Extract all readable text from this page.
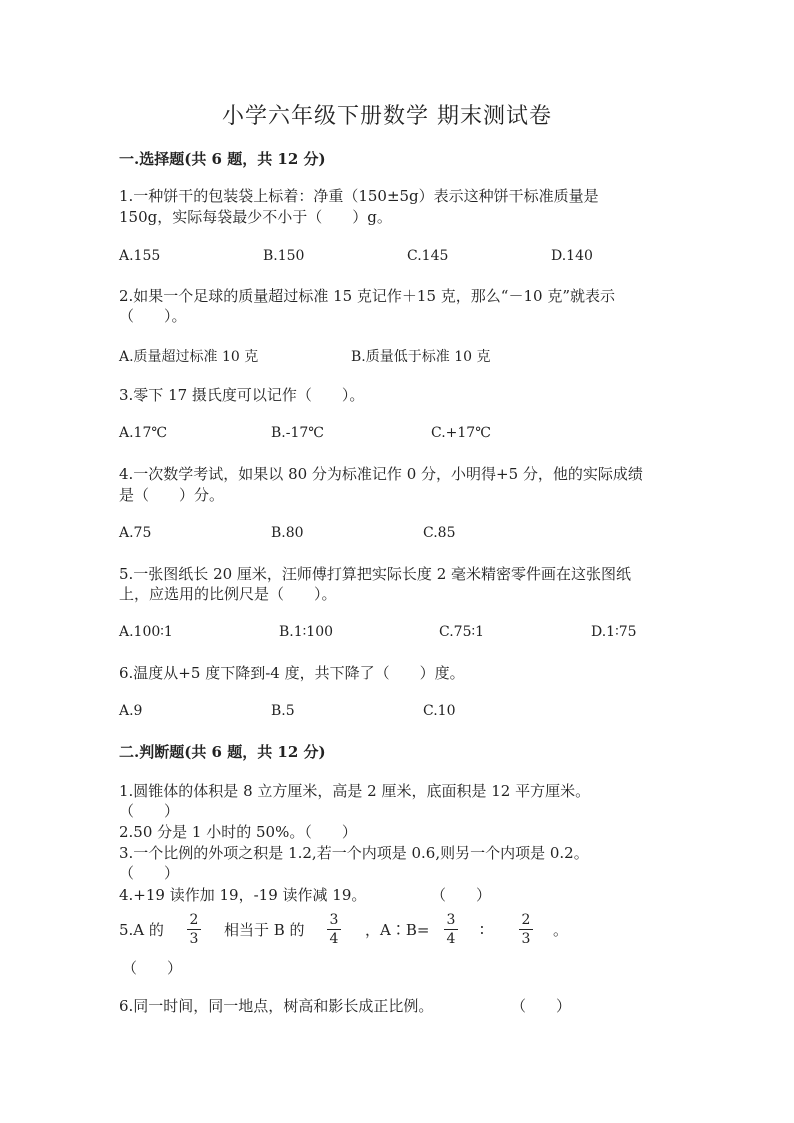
小学六年级下册数学 期末测试卷
一.选择题(共 6 题，共 12 分)
1.一种饼干的包装袋上标着：净重（150±5g）表示这种饼干标准质量是
150g，实际每袋最少不小于（　　）g。
A.155	B.150	C.145	D.140
2.如果一个足球的质量超过标准 15 克记作＋15 克，那么“－10 克”就表示
（　　）。
A.质量超过标准 10 克	B.质量低于标准 10 克
3.零下 17 摄氏度可以记作（　　）。
A.17℃	B.-17℃	C.+17℃
4.一次数学考试，如果以 80 分为标准记作 0 分，小明得+5 分，他的实际成绩
是（　　）分。
A.75	B.80	C.85
5.一张图纸长 20 厘米，汪师傅打算把实际长度 2 毫米精密零件画在这张图纸
上，应选用的比例尺是（　　）。
A.100∶1	B.1∶100	C.75∶1	D.1∶75
6.温度从+5 度下降到-4 度，共下降了（　　）度。
A.9	B.5	C.10
二.判断题(共 6 题，共 12 分)
1.圆锥体的体积是 8 立方厘米，高是 2 厘米，底面积是 12 平方厘米。
（　　）
2.50 分是 1 小时的 50%。（　　）
3.一个比例的外项之积是 1.2,若一个内项是 0.6,则另一个内项是 0.2。
（　　）
4.+19 读作加 19，-19 读作减 19。	（　　）
5.A 的
2
3 相当于 B 的
3
4 ，A∶B=
3
4 ∶
2
3 。
（　　）
6.同一时间，同一地点，树高和影长成正比例。	（　　）
